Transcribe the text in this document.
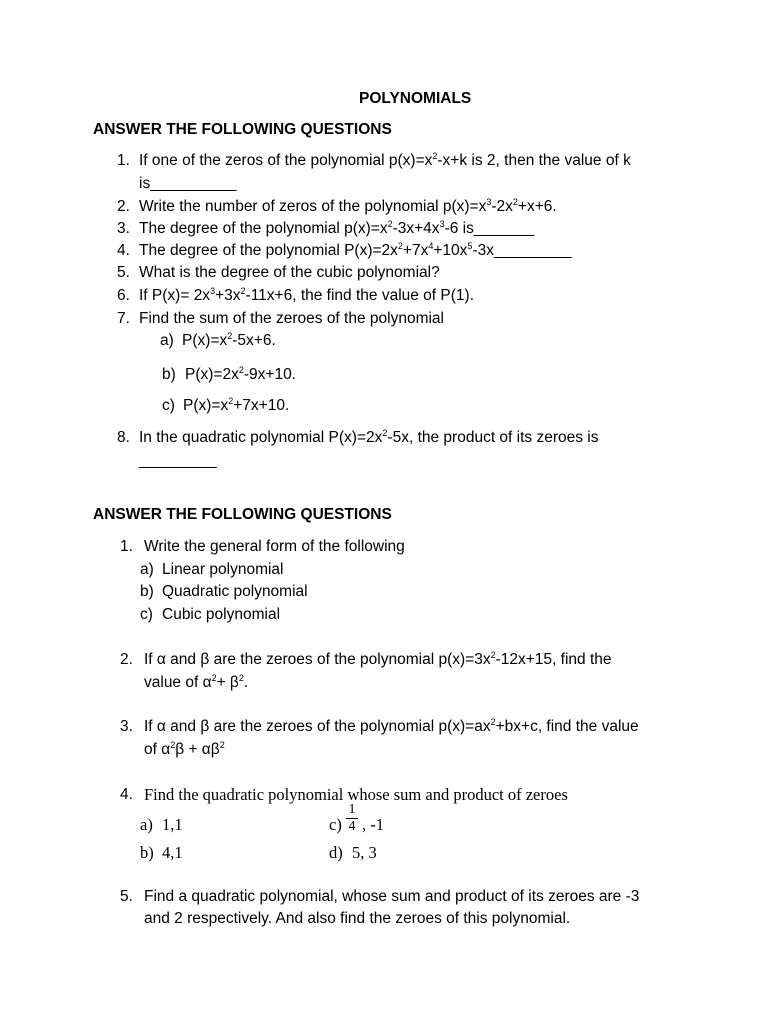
POLYNOMIALS
ANSWER THE FOLLOWING QUESTIONS
1. If one of the zeros of the polynomial $p(x)=x^2-x+k$ is 2, then the value of k
is__________
2. Write the number of zeros of the polynomial $p(x)=x^3-2x^2+x+6$.
3. The degree of the polynomial $p(x)=x^2-3x+4x^3-6$ is_______
4. The degree of the polynomial $P(x)=2x^2+7x^4+10x^5-3x\_\_\_\_\_\_\_\_\_$
5. What is the degree of the cubic polynomial?
6. If $P(x)= 2x^3+3x^2-11x+6$, the find the value of P(1).
7. Find the sum of the zeroes of the polynomial
a) $P(x)=x^2-5x+6$.
b) $P(x)=2x^2-9x+10$.
c) $P(x)=x^2+7x+10$.
8. In the quadratic polynomial $P(x)=2x^2-5x$, the product of its zeroes is
_________
ANSWER THE FOLLOWING QUESTIONS
1. Write the general form of the following
a) Linear polynomial
b) Quadratic polynomial
c) Cubic polynomial
2. If α and β are the zeroes of the polynomial $p(x)=3x^2-12x+15$, find the
value of $\alpha^2+ \beta^2$.
3. If α and β are the zeroes of the polynomial $p(x)=ax^2+bx+c$, find the value
of $\alpha^2\beta + \alpha\beta^2$
4. Find the quadratic polynomial whose sum and product of zeroes
a) 1,1	c)
1
4 , -1
b) 4,1	d) 5, 3
5. Find a quadratic polynomial, whose sum and product of its zeroes are -3
and 2 respectively. And also find the zeroes of this polynomial.
